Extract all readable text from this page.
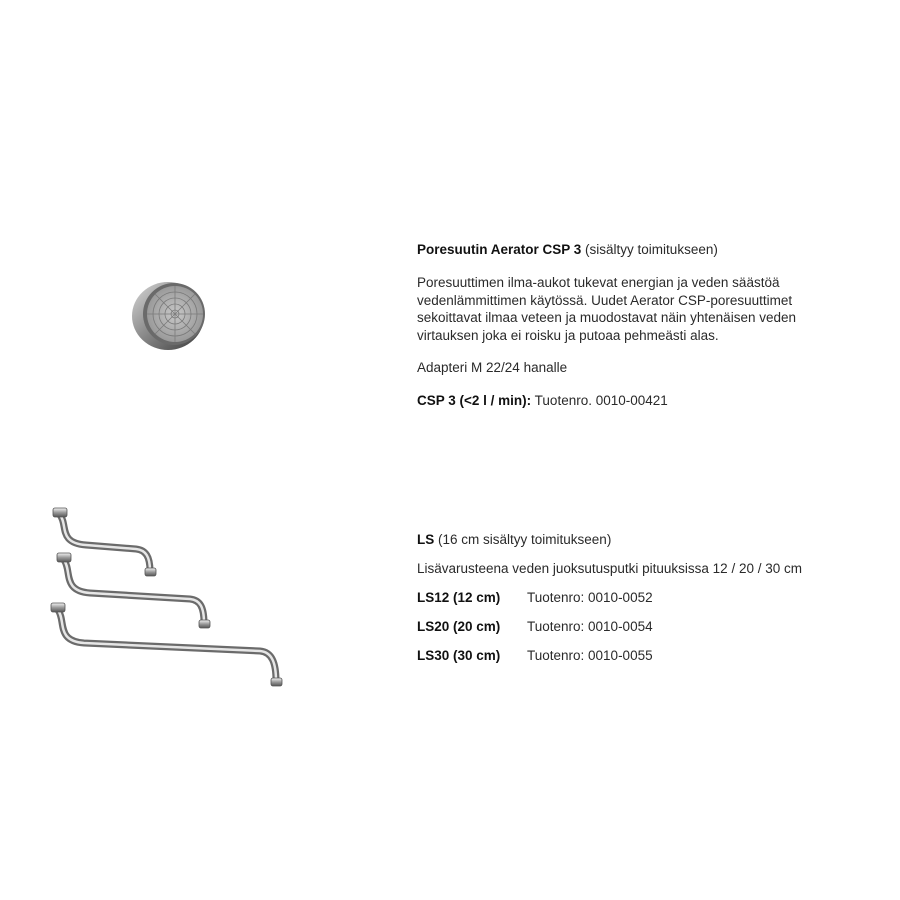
Poresuutin Aerator CSP 3 (sisältyy toimitukseen)
Poresuuttimen ilma-aukot tukevat energian ja veden säästöä
vedenlämmittimen käytössä. Uudet Aerator CSP-poresuuttimet
sekoittavat ilmaa veteen ja muodostavat näin yhtenäisen veden
virtauksen joka ei roisku ja putoaa pehmeästi alas.
Adapteri M 22/24 hanalle
CSP 3 (<2 l / min): Tuotenro. 0010-00421
LS (16 cm sisältyy toimitukseen)
Lisävarusteena veden juoksutusputki pituuksissa 12 / 20 / 30 cm
LS12 (12 cm) Tuotenro: 0010-0052
LS20 (20 cm) Tuotenro: 0010-0054
LS30 (30 cm) Tuotenro: 0010-0055
